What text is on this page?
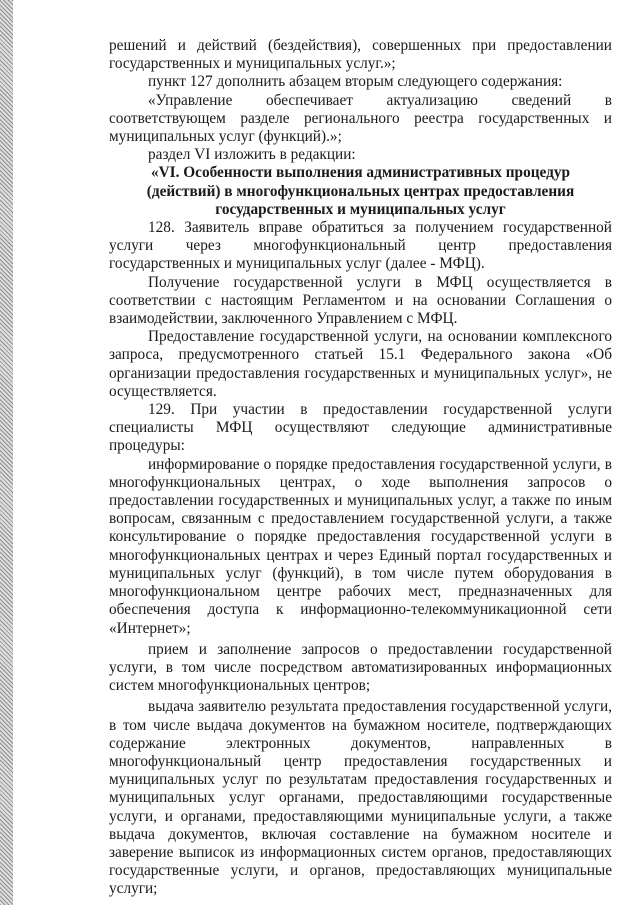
решений и действий (бездействия), совершенных при предоставлении государственных и муниципальных услуг.»;

пункт 127 дополнить абзацем вторым следующего содержания:

«Управление обеспечивает актуализацию сведений в соответствующем разделе регионального реестра государственных и муниципальных услуг (функций).»;

раздел VI изложить в редакции:

«VI. Особенности выполнения административных процедур
(действий) в многофункциональных центрах предоставления
государственных и муниципальных услуг

128. Заявитель вправе обратиться за получением государственной услуги через многофункциональный центр предоставления государственных и муниципальных услуг (далее - МФЦ).

Получение государственной услуги в МФЦ осуществляется в соответствии с настоящим Регламентом и на основании Соглашения о взаимодействии, заключенного Управлением с МФЦ.

Предоставление государственной услуги, на основании комплексного запроса, предусмотренного статьей 15.1 Федерального закона «Об организации предоставления государственных и муниципальных услуг», не осуществляется.

129. При участии в предоставлении государственной услуги специалисты МФЦ осуществляют следующие административные процедуры:

информирование о порядке предоставления государственной услуги, в многофункциональных центрах, о ходе выполнения запросов о предоставлении государственных и муниципальных услуг, а также по иным вопросам, связанным с предоставлением государственной услуги, а также консультирование о порядке предоставления государственной услуги в многофункциональных центрах и через Единый портал государственных и муниципальных услуг (функций), в том числе путем оборудования в многофункциональном центре рабочих мест, предназначенных для обеспечения доступа к информационно-телекоммуникационной сети «Интернет»;

прием и заполнение запросов о предоставлении государственной услуги, в том числе посредством автоматизированных информационных систем многофункциональных центров;

выдача заявителю результата предоставления государственной услуги, в том числе выдача документов на бумажном носителе, подтверждающих содержание электронных документов, направленных в многофункциональный центр предоставления государственных и муниципальных услуг по результатам предоставления государственных и муниципальных услуг органами, предоставляющими государственные услуги, и органами, предоставляющими муниципальные услуги, а также выдача документов, включая составление на бумажном носителе и заверение выписок из информационных систем органов, предоставляющих государственные услуги, и органов, предоставляющих муниципальные услуги;
